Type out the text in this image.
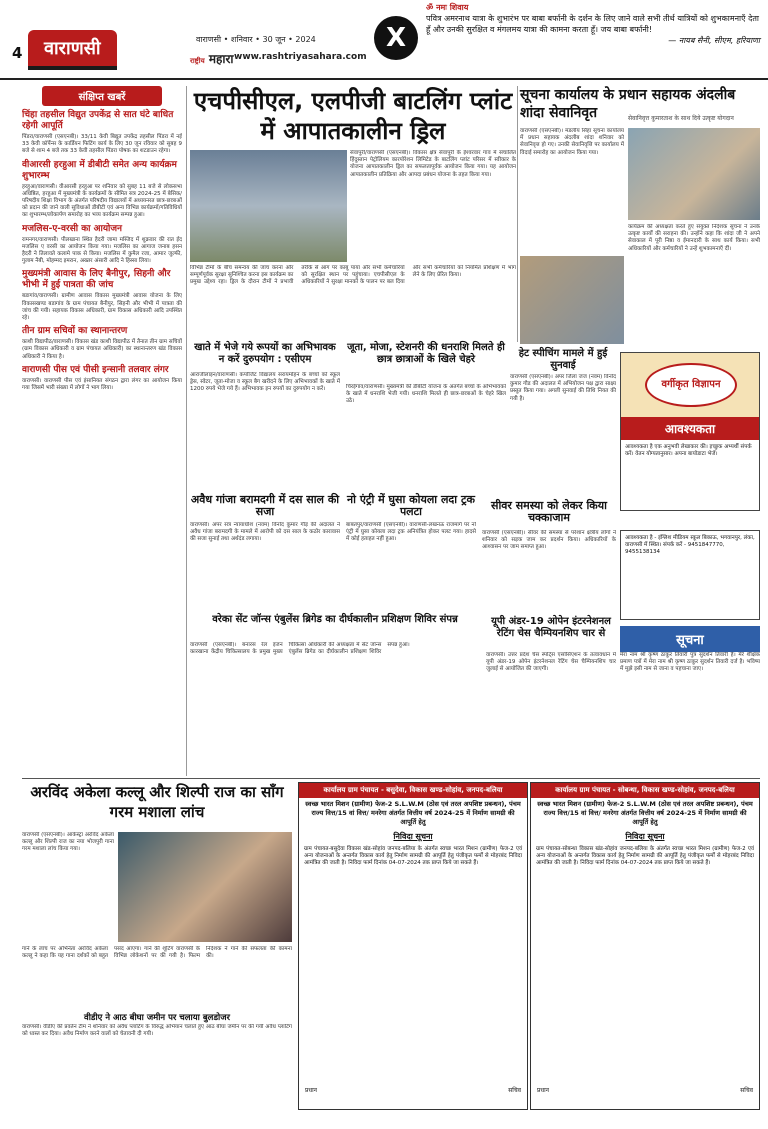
4	वाराणसी	वाराणसी • शनिवार • 30 जून • 2024
राष्ट्रीय महारा www.rashtriyasahara.com
X
ॐ नमः शिवाय
पवित्र अमरनाथ यात्रा के शुभारंभ पर बाबा बर्फानी के दर्शन के लिए जाने वाले सभी तीर्थ यात्रियों को शुभकामनाएँ देता हूँ और उनकी सुरक्षित व मंगलमय यात्रा की कामना करता हूँ। जय बाबा बर्फानी!
— नायब सैनी, सीएम, हरियाणा
संक्षिप्त खबरें
चिंहा तहसील विद्युत उपकेंद्र से सात घंटे बाधित रहेगी आपूर्ति

पिंडरा/वाराणसी (एसएनबी)। 33/11 केवी बिद्युत उपकेंद्र तहसील पिंडरा में नई 33 केवी कॉर्पेन्स के कार्डियन फिटिंग कार्य के लिए 30 जून रविवार को सुबह 9 बजे से शाम 4 बजे तक 33 केवी तहसील पिंडरा पोषक का शटडाउन रहेगा।

वीआरसी हरहुआ में डीबीटी समेत अन्य कार्यक्रम शुभारम्भ

हरहुआ/वाराणसी। वीआरसी हरहुआ पर शनिवार को सुबह 11 बजे से लोकसभा अधिष्ठित, हरहुआ में मुख्यमंत्री के कार्यक्रमों के सीमित सत्र 2024-25 में बेसिक/परिषदीय शिक्षा विभाग के अंतर्गत परिषदीय विद्यालयों में अध्ययनरत छात्र-छात्राओं को प्रदान की जाने वाली सुविधाओं डीबीटी एवं अन्य विभिन्न कार्यक्रमों/गतिविधियों का शुभारम्भ/लोकार्पण समारोह का भव्य कार्यक्रम सम्पन्न हुआ।

मजलिस-ए-वरसी का आयोजन

रामनगर/वाराणसी। पीलखाना स्थित हैदरी जामा मस्जिद में शुक्रवार की रात ईद मजलिस ए वरसी का आयोजन किया गया। मजलिस का आगाज जनाब हसन हैदरी ने तिलावते कलामे पाक से किया। मजलिस में कुमैल रजा, आमार जुल्फी, गुलाम नैबी, मोहम्मद इमरान, अख्तर अंसारी आदि ने हिस्सा लिया।

मुख्यमंत्री आवास के लिए बैनीपुर, सिहनी और भीभी में हुई पात्रता की जांच

बडागांव/वाराणसी। ग्रामीण आवास विकास मुख्यमंत्री आवास योजना के लिए विकासखण्ड बडागांव के ग्राम पंचायत बैनीपुर, सिहनी और भीभी में पात्रता की जांच की गयी। सहायक विकास अधिकारी, ग्राम विकास अधिकारी आदि उपस्थित रहे।

तीन ग्राम सचिवों का स्थानान्तरण

काशी विद्यापीठ/वाराणसी। विकास खंड काशी विद्यापीठ में तैनात तीन ग्राम सचिवों (ग्राम विकास अधिकारी व ग्राम पंचायत अधिकारी) का स्थानान्तरण खंड विकास अधिकारी ने किया है।

वाराणसी पीस एवं पीसी इन्सानी तलवार लंगर

वाराणसी। वाराणसी पीस एवं इंसानियत संगठन द्वारा लंगर का आयोजन किया गया जिसमें भारी संख्या में लोगों ने भाग लिया।

एचपीसीएल, एलपीजी बाटलिंग प्लांट में आपातकालीन ड्रिल
सेवापुरी/वाराणसी (एसएनबी)। विकास क्षेत्र सेवापुरी के ईश्वरवार गांव में संचालित हिंदुस्तान पेट्रोलियम कारपोरेशन लिमिटेड के बाटलिंग प्लांट परिसर में स्वीकार के योजना आपातकालीन ड्रिल का सफलतापूर्वक आयोजन किया गया। यह आयोजन आपातकालीन प्रतिक्रिया और आपदा प्रबंधन योजना के तहत किया गया।
विभिन्न टीमों के बीच समन्वय की जांच करना और सम्पूर्णपूर्वक सुरक्षा सुनिश्चित करना इस कार्यक्रम का प्रमुख उद्देश्य रहा। ड्रिल के दौरान टीमों ने प्रभावी तरीके से आग पर काबू पाया और सभी कर्मचारियों को सुरक्षित स्थान पर पहुंचाया। एचपीसीएल के अधिकारियों ने सुरक्षा मानकों के पालन पर बल दिया और सभी कर्मचारियों को नियमित प्रशिक्षण में भाग लेने के लिए प्रेरित किया।
सूचना कार्यालय के प्रधान सहायक अंदलीब शांदा सेवानिवृत
वाराणसी (एसएनबी)। मंडलीय सिंहा सूचना कार्यालय में प्रधान सहायक अंदलीब शांदा शनिवार को सेवानिवृत्त हो गए। उनकी सेवानिवृत्ति पर कार्यालय में विदाई समारोह का आयोजन किया गया।
सेवानिवृत्त कुमारताश के साथ दिये उत्कृष्ट योगदान
कार्यक्रम की अध्यक्षता करते हुए संयुक्त निदेशक सूचना ने उनके उत्कृष्ट कार्यों की सराहना की। उन्होंने कहा कि शांदा जी ने अपने सेवाकाल में पूरी निष्ठा व ईमानदारी के साथ कार्य किया। सभी अधिकारियों और कर्मचारियों ने उन्हें शुभकामनाएँ दीं।
खाते में भेजे गये रूपयों का अभिभावक न करें दुरुपयोग : एसीएम
आराजीलाइन/वाराणसी। कंपोजिट विद्यालय सरायमोहन के बच्चों को स्कूल ड्रेस, स्वेटर, जूता-मोजा व स्कूल बैग खरीदने के लिए अभिभावकों के खाते में 1200 रुपये भेजे गये हैं। अभिभावक इन रुपयों का दुरुपयोग न करें।
जूता, मोजा, स्टेशनरी की धनराशि मिलते ही छात्र छात्राओं के खिले चेहरे
चिरईगांव/वाराणसी। मुख्यमंत्री की डीबीटी योजना के अंतर्गत बच्चों के अभिभावकों के खाते में धनराशि भेजी गयी। धनराशि मिलते ही छात्र-छात्राओं के चेहरे खिल उठे।
हेट स्पीचिंग मामले में हुई सुनवाई
वाराणसी (एसएनबी)। अपर जिला जज (नवम) विनोद कुमार गौड की अदालत में अभियोजन पक्ष द्वारा साक्ष्य प्रस्तुत किया गया। अगली सुनवाई की तिथि नियत की गयी है।
अवैध गांजा बरामदगी में दस साल की सजा
वाराणसी। अपर सत्र न्यायाधीश (नवम) विनोद कुमार गौड़ की अदालत ने अवैध गांजा बरामदगी के मामले में आरोपी को दस साल के कठोर कारावास की सजा सुनाई तथा अर्थदंड लगाया।
नो एंट्री में घुसा कोयला लदा ट्रक पलटा
बाबतपुर/वाराणसी (एसएनबी)। वाराणसी-लखनऊ राजमार्ग पर नो एंट्री में घुसा कोयला लदा ट्रक अनियंत्रित होकर पलट गया। हादसे में कोई हताहत नहीं हुआ।
सीवर समस्या को लेकर किया चक्काजाम
वाराणसी (एसएनबी)। सीवर की समस्या से परेशान क्षेत्रीय लोगों ने शनिवार को सड़क जाम कर प्रदर्शन किया। अधिकारियों के आश्वासन पर जाम समाप्त हुआ।
वरेका सेंट जॉन्स एंबुलेंस ब्रिगेड का दीर्घकालीन प्रशिक्षण शिविर संपन्न
वाराणसी (एसएनबी)। बनारस रेल इंजन कारखाना केंद्रीय चिकित्सालय के प्रमुख मुख्य चिकित्सा अधिकारी की अध्यक्षता में सेंट जॉन्स एंबुलेंस ब्रिगेड का दीर्घकालीन प्रशिक्षण शिविर संपन्न हुआ।
यूपी अंडर-19 ओपेन इंटरनेशनल रेटिंग चेस चैम्पियनशिप चार से
वाराणसी। उत्तर प्रदेश चेस स्पोर्ट्स एसोसिएशन के तत्वावधान में यूपी अंडर-19 ओपेन इंटरनेशनल रेटिंग चेस चैम्पियनशिप चार जुलाई से आयोजित की जाएगी।
वर्गीकृत विज्ञापन
आवश्यकता
आवश्यकता है एक अनुभवी लेखाकार की। इच्छुक अभ्यर्थी संपर्क करें। वेतन योग्यतानुसार। अपना बायोडाटा भेजें।
आवश्यकता है - इंग्लिश मीडियम स्कूल बिकाऊ, भगवानपुर, लंका, वाराणसी में स्थित। संपर्क करें - 9451847770, 9455138134
सूचना
मेरा नाम श्री कृष्ण ठाकुर तिवारी पुत्र सुदर्शन तिवारी है। मेरे शैक्षिक प्रमाण पत्रों में मेरा नाम श्री कृष्ण ठाकुर सुदर्शन तिवारी दर्ज है। भविष्य में मुझे इसी नाम से जाना व पहचाना जाए।
अरविंद अकेला कल्लू और शिल्पी राज का सॉंग गरम मशाला लांच
वाराणसी (एसएनबी)। आर्केस्ट्रा अरविंद अकेला कल्लू और शिल्पी राज का नया भोजपुरी गाना गरम मशाला लांच किया गया।
गाने के लांच पर अभिनेता अरविंद अकेला कल्लू ने कहा कि यह गाना दर्शकों को बहुत पसंद आएगा। गाने की शूटिंग वाराणसी के विभिन्न लोकेशनों पर की गयी है। फिल्म निर्देशक ने गाने की सफलता की कामना की।
वीडीए ने आठ बीघा जमीन पर चलाया बुलडोजर
वाराणसी। वीडीए की प्रवर्तन टीम ने शनिवार को अवैध प्लाटिंग के विरुद्ध अभियान चलाते हुए आठ बीघा जमीन पर की गयी अवैध प्लाटिंग को ध्वस्त कर दिया। अवैध निर्माण करने वालों को चेतावनी दी गयी।
कार्यालय ग्राम पंचायत - बसुदेवा, विकास खण्ड-सोहांव, जनपद-बलिया
स्वच्छ भारत मिशन (ग्रामीण) फेज-2 S.L.W.M (ठोस एवं तरल अपशिष्ट प्रबन्धन), पंचम राज्य वित्त/15 वां वित्त/ मनरेगा अंतर्गत वित्तीय वर्ष 2024-25 में निर्माण सामग्री की आपूर्ति हेतु
निविदा सूचना
ग्राम पंचायत-बसुदेवा विकास खंड-सोहांव जनपद-बलिया के अंतर्गत स्वच्छ भारत मिशन (ग्रामीण) फेज-2 एवं अन्य योजनाओं के अन्तर्गत विकास कार्य हेतु निर्माण सामग्री की आपूर्ति हेतु पंजीकृत फर्मों से मोहरबंद निविदा आमंत्रित की जाती है। निविदा फार्म दिनांक 04-07-2024 तक प्राप्त किये जा सकते हैं।
प्रधान	सचिव
कार्यालय ग्राम पंचायत - सोबन्था, विकास खण्ड-सोहांव, जनपद-बलिया
स्वच्छ भारत मिशन (ग्रामीण) फेज-2 S.L.W.M (ठोस एवं तरल अपशिष्ट प्रबन्धन), पंचम राज्य वित्त/15 वां वित्त/ मनरेगा अंतर्गत वित्तीय वर्ष 2024-25 में निर्माण सामग्री की आपूर्ति हेतु
निविदा सूचना
ग्राम पंचायत-सोबन्था विकास खंड-सोहांव जनपद-बलिया के अंतर्गत स्वच्छ भारत मिशन (ग्रामीण) फेज-2 एवं अन्य योजनाओं के अन्तर्गत विकास कार्य हेतु निर्माण सामग्री की आपूर्ति हेतु पंजीकृत फर्मों से मोहरबंद निविदा आमंत्रित की जाती है। निविदा फार्म दिनांक 04-07-2024 तक प्राप्त किये जा सकते हैं।
प्रधान	सचिव
